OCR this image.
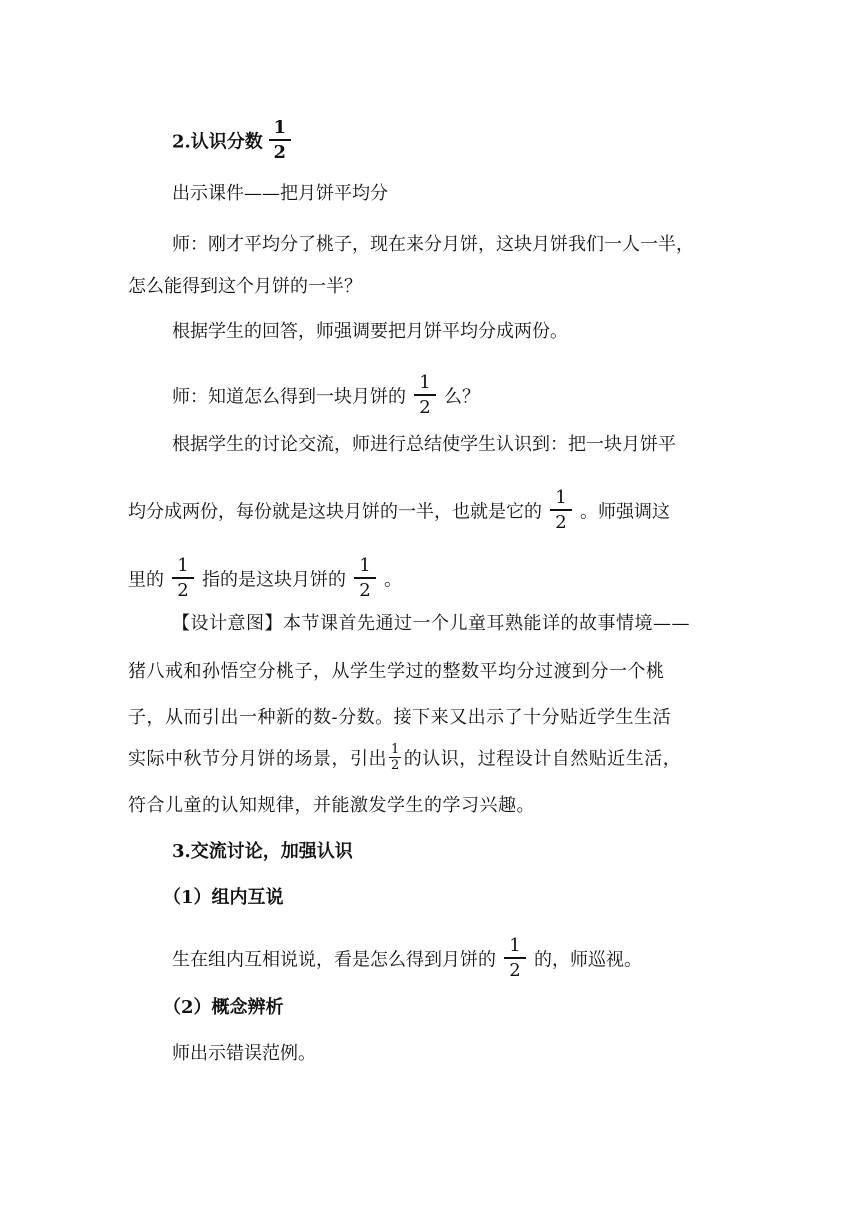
2.认识分数 $\frac{1}{2}$
出示课件——把月饼平均分
师：刚才平均分了桃子，现在来分月饼，这块月饼我们一人一半，
怎么能得到这个月饼的一半？
根据学生的回答，师强调要把月饼平均分成两份。
师：知道怎么得到一块月饼的 $\frac{1}{2}$ 么？
根据学生的讨论交流，师进行总结使学生认识到：把一块月饼平
均分成两份，每份就是这块月饼的一半，也就是它的 $\frac{1}{2}$ 。师强调这
里的 $\frac{1}{2}$ 指的是这块月饼的 $\frac{1}{2}$ 。
【设计意图】本节课首先通过一个儿童耳熟能详的故事情境——
猪八戒和孙悟空分桃子，从学生学过的整数平均分过渡到分一个桃
子，从而引出一种新的数-分数。接下来又出示了十分贴近学生生活
实际中秋节分月饼的场景，引出 $\frac{1}{2}$ 的认识，过程设计自然贴近生活，
符合儿童的认知规律，并能激发学生的学习兴趣。
3.交流讨论，加强认识
（1）组内互说
生在组内互相说说，看是怎么得到月饼的 $\frac{1}{2}$ 的，师巡视。
（2）概念辨析
师出示错误范例。
